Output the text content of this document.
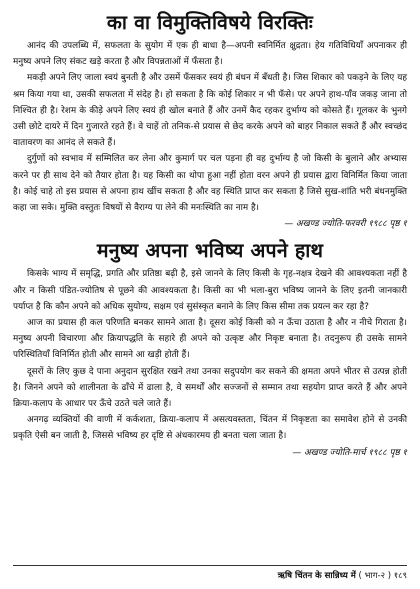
का वा विमुक्तिविषये विरक्तिः

आनंद की उपलब्धि में, सफलता के सुयोग में एक ही बाधा है—अपनी स्वनिर्मित क्षुद्रता। हेय गतिविधियाँ अपनाकर ही मनुष्य अपने लिए संकट खड़े करता है और विपन्नताओं में फँसता है।

मकड़ी अपने लिए जाला स्वयं बुनती है और उसमें फँसकर स्वयं ही बंधन में बँधती है। जिस शिकार को पकड़ने के लिए यह श्रम किया गया था, उसकी सफलता में संदेह है। हो सकता है कि कोई शिकार न भी फँसे। पर अपने हाथ-पाँव जकड़ जाना तो निश्चित ही है। रेशम के कीड़े अपने लिए स्वयं ही खोल बनाते हैं और उनमें कैद रहकर दुर्भाग्य को कोसते हैं। गूलकर के भुनगे उसी छोटे दायरे में दिन गुजारते रहते हैं। वे चाहें तो तनिक-से प्रयास से छेद करके अपने को बाहर निकाल सकते हैं और स्वच्छंद वातावरण का आनंद ले सकते हैं।

दुर्गुणों को स्वभाव में सम्मिलित कर लेना और कुमार्ग पर चल पड़ना ही वह दुर्भाग्य है जो किसी के बुलाने और अभ्यास करने पर ही साथ देने को तैयार होता है। यह किसी का थोपा हुआ नहीं होता वरन अपने ही प्रयास द्वारा विनिर्मित किया जाता है। कोई चाहे तो इस प्रयास से अपना हाथ खींच सकता है और वह स्थिति प्राप्त कर सकता है जिसे सुख-शांति भरी बंधनमुक्ति कहा जा सके। मुक्ति वस्तुतः विषयों से वैराग्य पा लेने की मनःस्थिति का नाम है।

— अखण्ड ज्योति-फरवरी १९८८ पृष्ठ १
मनुष्य अपना भविष्य अपने हाथ

किसके भाग्य में समृद्धि, प्रगति और प्रतिष्ठा बढ़ी है, इसे जानने के लिए किसी के गृह-नक्षत्र देखने की आवश्यकता नहीं है और न किसी पंडित-ज्योतिष से पूछने की आवश्यकता है। किसी का भी भला-बुरा भविष्य जानने के लिए इतनी जानकारी पर्याप्त है कि कौन अपने को अधिक सुयोग्य, सक्षम एवं सुसंस्कृत बनाने के लिए किस सीमा तक प्रयत्न कर रहा है?

आज का प्रयास ही कल परिणति बनकर सामने आता है। दूसरा कोई किसी को न ऊँचा उठाता है और न नीचे गिराता है। मनुष्य अपनी विचारणा और क्रियापद्धति के सहारे ही अपने को उत्कृष्ट और निकृष्ट बनाता है। तदनुरूप ही उसके सामने परिस्थितियाँ विनिर्मित होती और सामने आ खड़ी होती हैं।

दूसरों के लिए कुछ दे पाना अनुदान सुरक्षित रखने तथा उनका सदुपयोग कर सकने की क्षमता अपने भीतर से उत्पन्न होती है। जिनने अपने को शालीनता के ढाँचे में ढाला है, वे समर्थों और सज्जनों से सम्मान तथा सहयोग प्राप्त करते हैं और अपने क्रिया-कलाप के आधार पर ऊँचे उठते चले जाते हैं।

अनगढ़ व्यक्तियों की वाणी में कर्कशता, क्रिया-कलाप में असत्यवस्तता, चिंतन में निकृष्टता का समावेश होने से उनकी प्रकृति ऐसी बन जाती है, जिससे भविष्य हर दृष्टि से अंधकारमय ही बनता चला जाता है।

— अखण्ड ज्योति-मार्च १९८८ पृष्ठ १
ऋषि चिंतन के सान्निध्य में ( भाग-२ ) १८९
